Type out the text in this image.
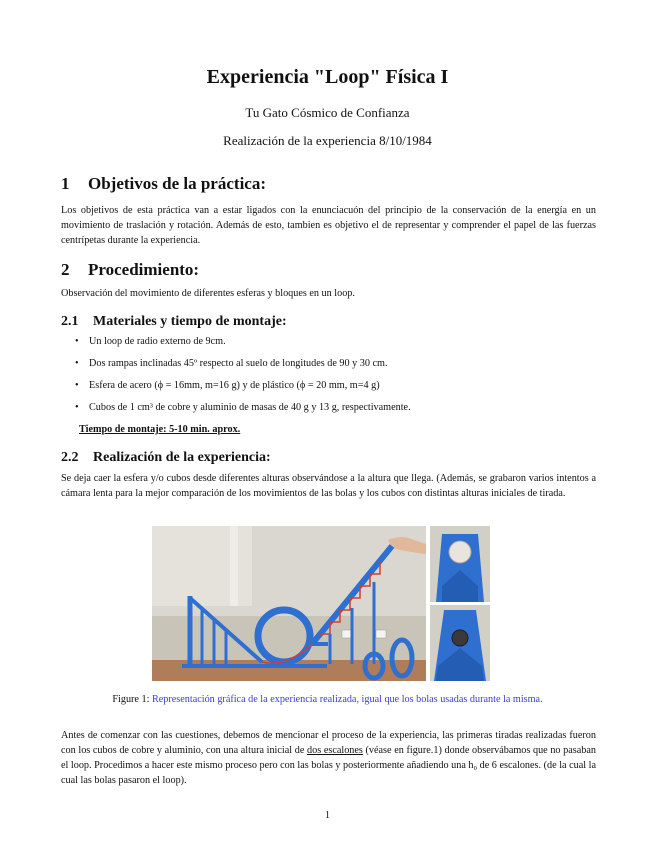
Experiencia "Loop" Física I
Tu Gato Cósmico de Confianza
Realización de la experiencia 8/10/1984
1 Objetivos de la práctica:
Los objetivos de esta práctica van a estar ligados con la enunciacuón del principio de la conservación de la energía en un movimiento de traslación y rotación. Además de esto, tambien es objetivo el de representar y comprender el papel de las fuerzas centrípetas durante la experiencia.
2 Procedimiento:
Observación del movimiento de diferentes esferas y bloques en un loop.
2.1 Materiales y tiempo de montaje:
• Un loop de radio externo de 9cm.
• Dos rampas inclinadas 45º respecto al suelo de longitudes de 90 y 30 cm.
• Esfera de acero (ϕ = 16mm, m=16 g) y de plástico (ϕ = 20 mm, m=4 g)
• Cubos de 1 cm³ de cobre y aluminio de masas de 40 g y 13 g, respectivamente.
Tiempo de montaje: 5-10 min. aprox.
2.2 Realización de la experiencia:
Se deja caer la esfera y/o cubos desde diferentes alturas observándose a la altura que llega. (Además, se grabaron varios intentos a cámara lenta para la mejor comparación de los movimientos de las bolas y los cubos con distintas alturas iniciales de tirada.
Figure 1: Representación gráfica de la experiencia realizada, igual que los bolas usadas durante la misma.
Antes de comenzar con las cuestiones, debemos de mencionar el proceso de la experiencia, las primeras tiradas realizadas fueron con los cubos de cobre y aluminio, con una altura inicial de dos escalones (véase en figure.1) donde observábamos que no pasaban el loop. Procedimos a hacer este mismo proceso pero con las bolas y posteriormente añadiendo una h₀ de 6 escalones. (de la cual la cual las bolas pasaron el loop).
1
